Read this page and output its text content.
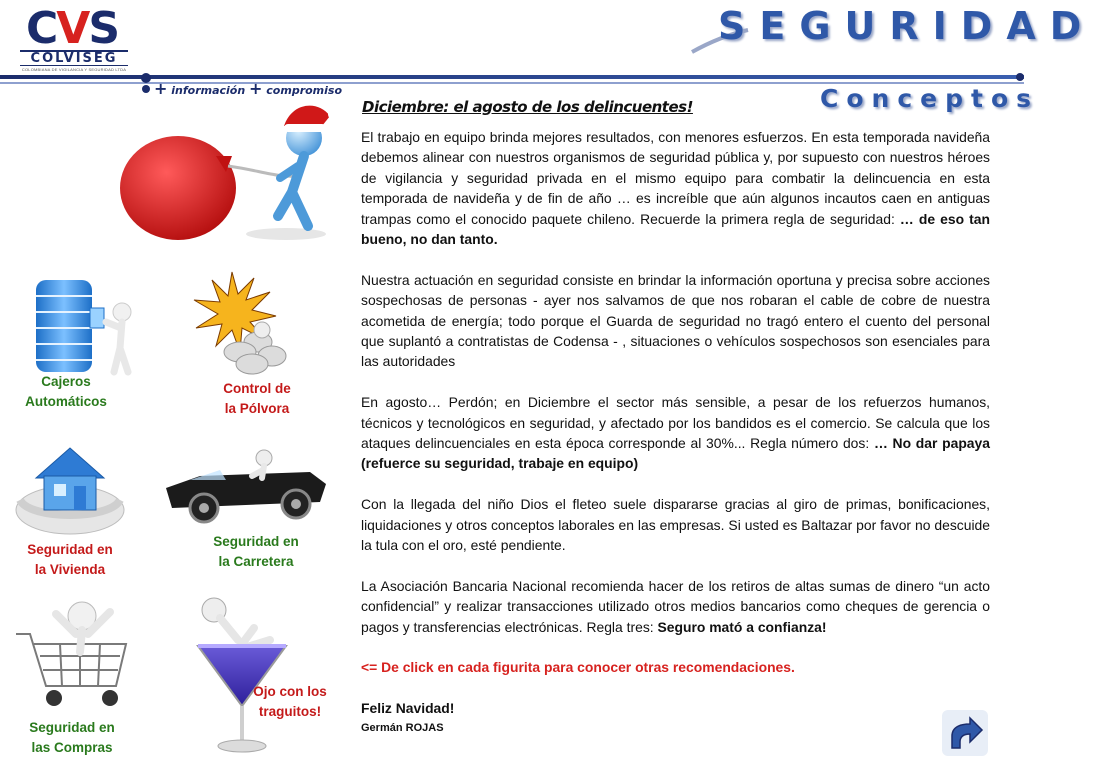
CVS
COLVISEG
COLOMBIANA DE VIGILANCIA Y SEGURIDAD LTDA
+ información + compromiso
SEGURIDAD
Conceptos
Diciembre: el agosto de los delincuentes!

El trabajo en equipo brinda mejores resultados, con menores esfuerzos. En esta temporada navideña debemos alinear con nuestros organismos de seguridad pública y, por supuesto con nuestros héroes de vigilancia y seguridad privada en el mismo equipo para combatir la delincuencia en esta temporada de navideña y de fin de año … es increíble que aún algunos incautos caen en antiguas trampas como el conocido paquete chileno. Recuerde la primera regla de seguridad: … de eso tan bueno, no dan tanto.

Nuestra actuación en seguridad consiste en brindar la información oportuna y precisa sobre acciones sospechosas de personas - ayer nos salvamos de que nos robaran el cable de cobre de nuestra acometida de energía; todo porque el Guarda de seguridad no tragó entero el cuento del personal que suplantó a contratistas de Codensa - , situaciones o vehículos sospechosos son esenciales para las autoridades

En agosto… Perdón; en Diciembre el sector más sensible, a pesar de los refuerzos humanos, técnicos y tecnológicos en seguridad, y afectado por los bandidos es el comercio. Se calcula que los ataques delincuenciales en esta época corresponde al 30%... Regla número dos: … No dar papaya (refuerce su seguridad, trabaje en equipo)

Con la llegada del niño Dios el fleteo suele dispararse gracias al giro de primas, bonificaciones, liquidaciones y otros conceptos laborales en las empresas. Si usted es Baltazar por favor no descuide la tula con el oro, esté pendiente.

La Asociación Bancaria Nacional recomienda hacer de los retiros de altas sumas de dinero “un acto confidencial” y realizar transacciones utilizado otros medios bancarios como cheques de gerencia o pagos y transferencias electrónicas. Regla tres: Seguro mató a confianza!

<= De click en cada figurita para conocer otras recomendaciones.

Feliz Navidad!

Germán ROJAS

Cajeros Automáticos
Control de
la Pólvora
Seguridad en
la Vivienda
Seguridad en
la Carretera
Seguridad en
las Compras
Ojo con los
traguitos!
